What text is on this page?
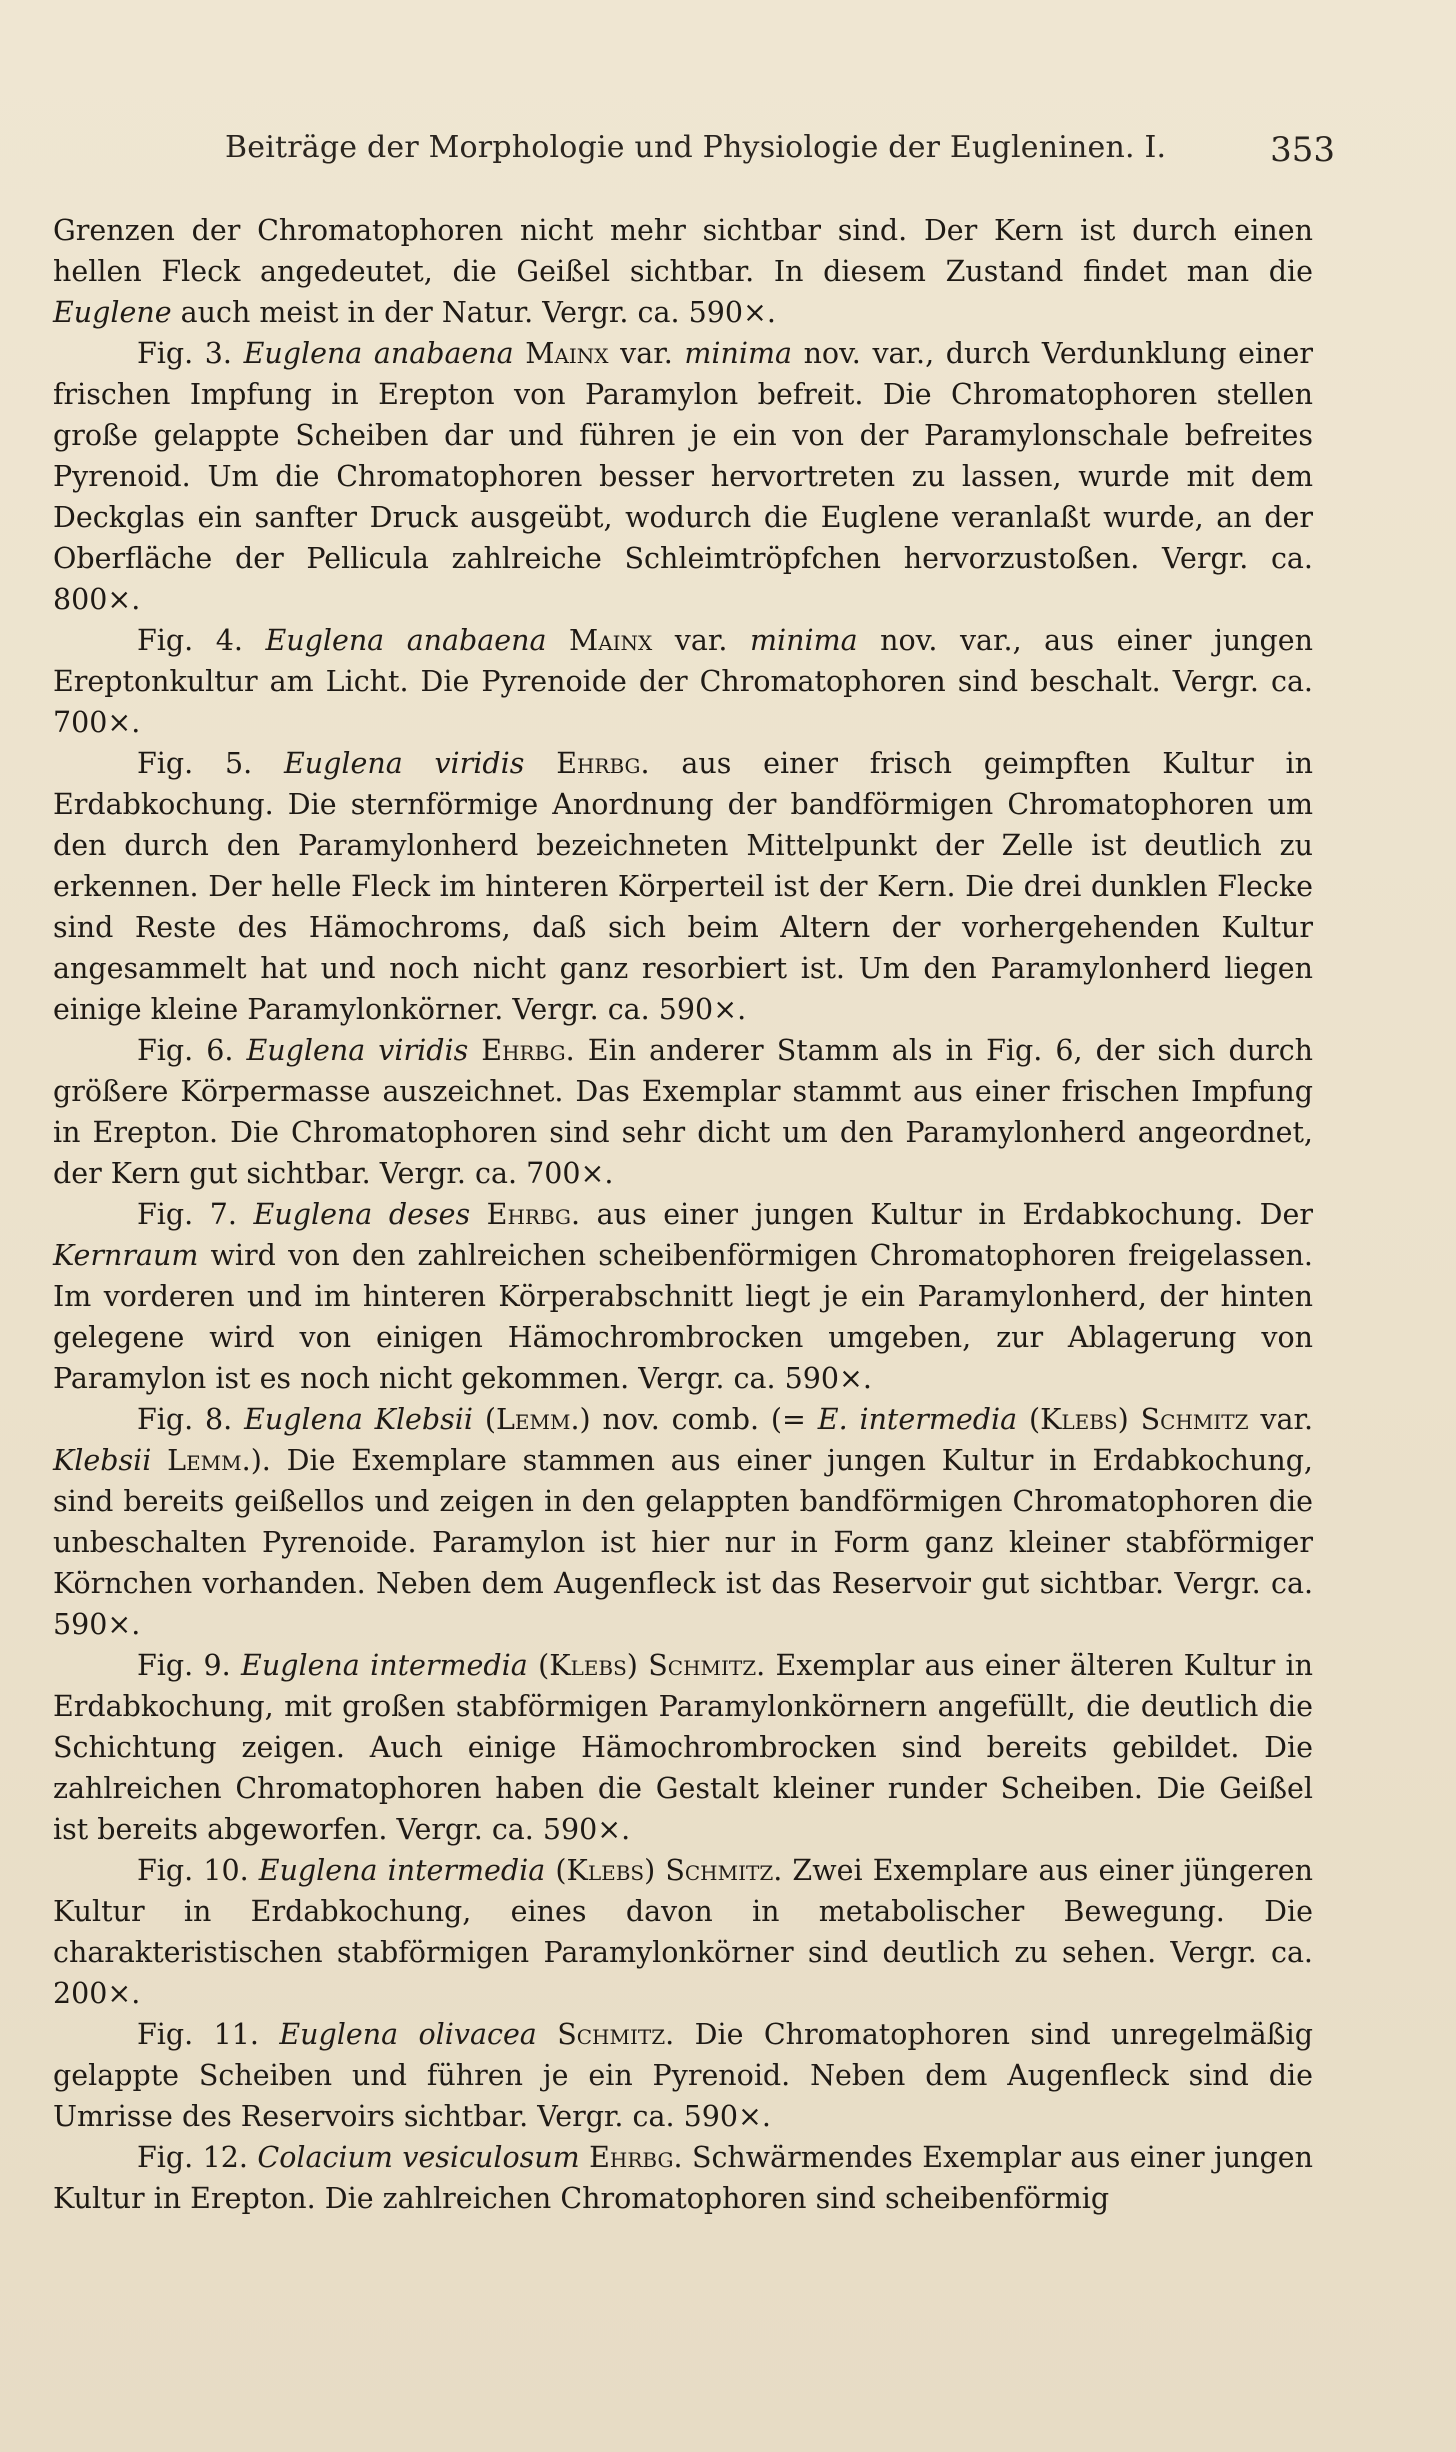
Beiträge der Morphologie und Physiologie der Eugleninen. I.	353

Grenzen der Chromatophoren nicht mehr sichtbar sind. Der Kern ist durch einen hellen Fleck angedeutet, die Geißel sichtbar. In diesem Zustand findet man die Euglene auch meist in der Natur. Vergr. ca. 590×.

Fig. 3. Euglena anabaena Mainx var. minima nov. var., durch Verdunklung einer frischen Impfung in Erepton von Paramylon befreit. Die Chromatophoren stellen große gelappte Scheiben dar und führen je ein von der Paramylonschale befreites Pyrenoid. Um die Chromatophoren besser hervortreten zu lassen, wurde mit dem Deckglas ein sanfter Druck ausgeübt, wodurch die Euglene veranlaßt wurde, an der Oberfläche der Pellicula zahlreiche Schleimtröpfchen hervorzustoßen. Vergr. ca. 800×.

Fig. 4. Euglena anabaena Mainx var. minima nov. var., aus einer jungen Ereptonkultur am Licht. Die Pyrenoide der Chromatophoren sind beschalt. Vergr. ca. 700×.

Fig. 5. Euglena viridis Ehrbg. aus einer frisch geimpften Kultur in Erdabkochung. Die sternförmige Anordnung der bandförmigen Chromatophoren um den durch den Paramylonherd bezeichneten Mittelpunkt der Zelle ist deutlich zu erkennen. Der helle Fleck im hinteren Körperteil ist der Kern. Die drei dunklen Flecke sind Reste des Hämochroms, daß sich beim Altern der vorhergehenden Kultur angesammelt hat und noch nicht ganz resorbiert ist. Um den Paramylonherd liegen einige kleine Paramylonkörner. Vergr. ca. 590×.

Fig. 6. Euglena viridis Ehrbg. Ein anderer Stamm als in Fig. 6, der sich durch größere Körpermasse auszeichnet. Das Exemplar stammt aus einer frischen Impfung in Erepton. Die Chromatophoren sind sehr dicht um den Paramylonherd angeordnet, der Kern gut sichtbar. Vergr. ca. 700×.

Fig. 7. Euglena deses Ehrbg. aus einer jungen Kultur in Erdabkochung. Der Kernraum wird von den zahlreichen scheibenförmigen Chromatophoren freigelassen. Im vorderen und im hinteren Körperabschnitt liegt je ein Paramylonherd, der hinten gelegene wird von einigen Hämochrombrocken umgeben, zur Ablagerung von Paramylon ist es noch nicht gekommen. Vergr. ca. 590×.

Fig. 8. Euglena Klebsii (Lemm.) nov. comb. (= E. intermedia (Klebs) Schmitz var. Klebsii Lemm.). Die Exemplare stammen aus einer jungen Kultur in Erdabkochung, sind bereits geißellos und zeigen in den gelappten bandförmigen Chromatophoren die unbeschalten Pyrenoide. Paramylon ist hier nur in Form ganz kleiner stabförmiger Körnchen vorhanden. Neben dem Augenfleck ist das Reservoir gut sichtbar. Vergr. ca. 590×.

Fig. 9. Euglena intermedia (Klebs) Schmitz. Exemplar aus einer älteren Kultur in Erdabkochung, mit großen stabförmigen Paramylonkörnern angefüllt, die deutlich die Schichtung zeigen. Auch einige Hämochrombrocken sind bereits gebildet. Die zahlreichen Chromatophoren haben die Gestalt kleiner runder Scheiben. Die Geißel ist bereits abgeworfen. Vergr. ca. 590×.

Fig. 10. Euglena intermedia (Klebs) Schmitz. Zwei Exemplare aus einer jüngeren Kultur in Erdabkochung, eines davon in metabolischer Bewegung. Die charakteristischen stabförmigen Paramylonkörner sind deutlich zu sehen. Vergr. ca. 200×.

Fig. 11. Euglena olivacea Schmitz. Die Chromatophoren sind unregelmäßig gelappte Scheiben und führen je ein Pyrenoid. Neben dem Augenfleck sind die Umrisse des Reservoirs sichtbar. Vergr. ca. 590×.

Fig. 12. Colacium vesiculosum Ehrbg. Schwärmendes Exemplar aus einer jungen Kultur in Erepton. Die zahlreichen Chromatophoren sind scheibenförmig
